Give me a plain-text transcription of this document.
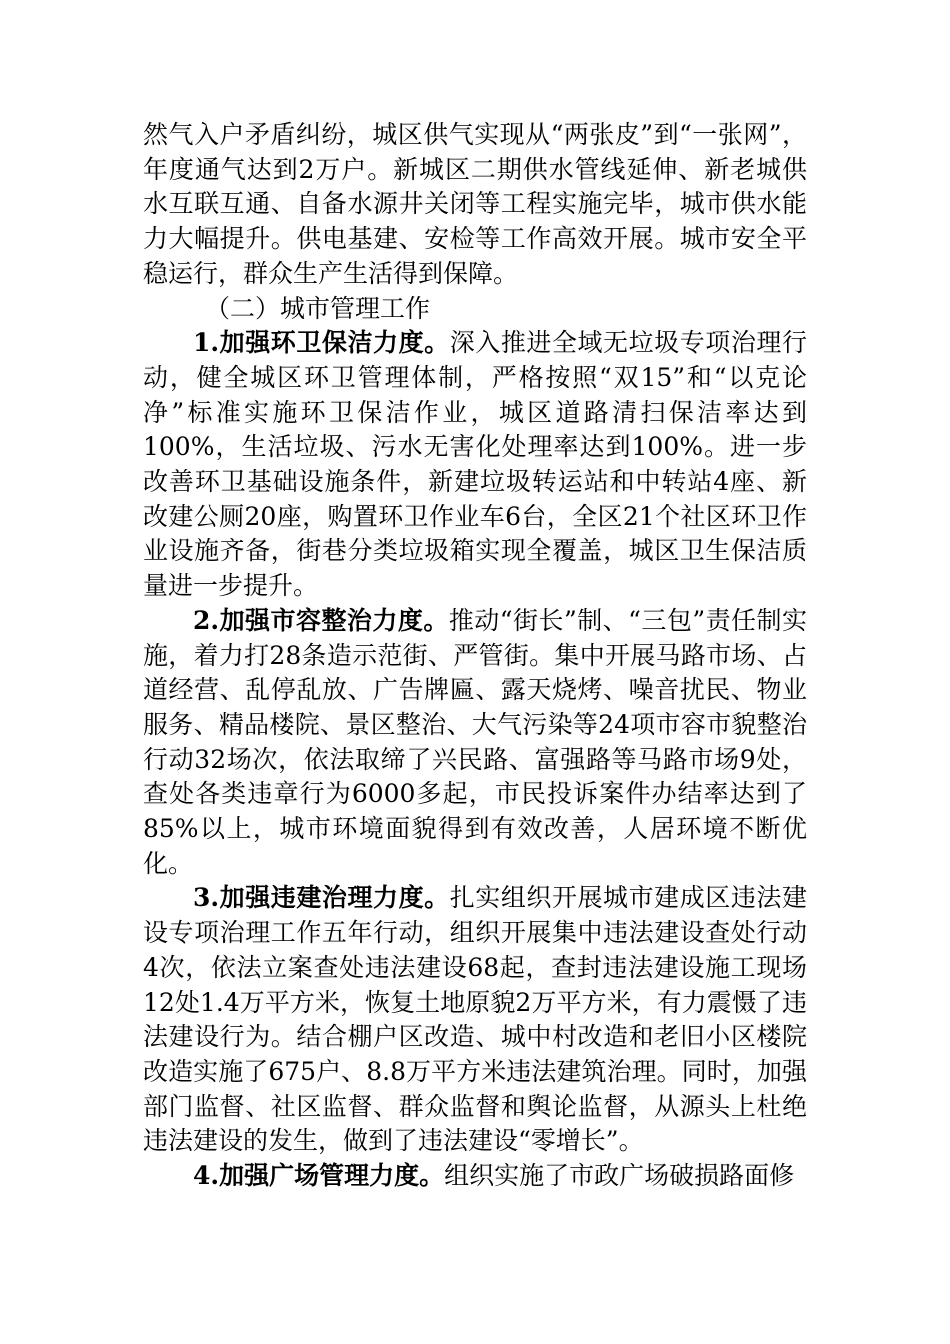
然气入户矛盾纠纷，城区供气实现从“两张皮”到“一张网”，年度通气达到2万户。新城区二期供水管线延伸、新老城供水互联互通、自备水源井关闭等工程实施完毕，城市供水能力大幅提升。供电基建、安检等工作高效开展。城市安全平稳运行，群众生产生活得到保障。

（二）城市管理工作

1.加强环卫保洁力度。深入推进全域无垃圾专项治理行动，健全城区环卫管理体制，严格按照“双15”和“以克论净”标准实施环卫保洁作业，城区道路清扫保洁率达到100%，生活垃圾、污水无害化处理率达到100%。进一步改善环卫基础设施条件，新建垃圾转运站和中转站4座、新改建公厕20座，购置环卫作业车6台，全区21个社区环卫作业设施齐备，街巷分类垃圾箱实现全覆盖，城区卫生保洁质量进一步提升。

2.加强市容整治力度。推动“街长”制、“三包”责任制实施，着力打28条造示范街、严管街。集中开展马路市场、占道经营、乱停乱放、广告牌匾、露天烧烤、噪音扰民、物业服务、精品楼院、景区整治、大气污染等24项市容市貌整治行动32场次，依法取缔了兴民路、富强路等马路市场9处，查处各类违章行为6000多起，市民投诉案件办结率达到了85%以上，城市环境面貌得到有效改善，人居环境不断优化。

3.加强违建治理力度。扎实组织开展城市建成区违法建设专项治理工作五年行动，组织开展集中违法建设查处行动4次，依法立案查处违法建设68起，查封违法建设施工现场12处1.4万平方米，恢复土地原貌2万平方米，有力震慑了违法建设行为。结合棚户区改造、城中村改造和老旧小区楼院改造实施了675户、8.8万平方米违法建筑治理。同时，加强部门监督、社区监督、群众监督和舆论监督，从源头上杜绝违法建设的发生，做到了违法建设“零增长”。

4.加强广场管理力度。组织实施了市政广场破损路面修
